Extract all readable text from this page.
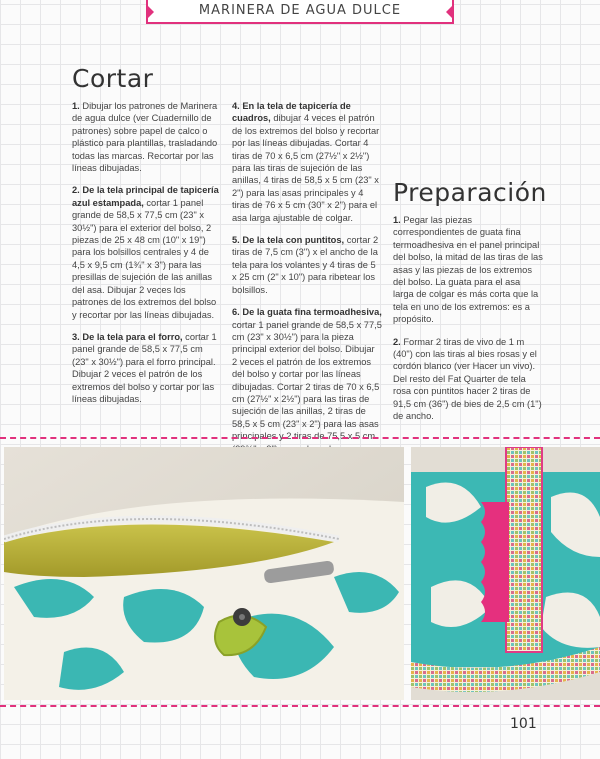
MARINERA DE AGUA DULCE
Cortar
Preparación

1. Dibujar los patrones de Marinera de agua dulce (ver Cuadernillo de patrones) sobre papel de calco o plástico para plantillas, trasladando todas las marcas. Recortar por las líneas dibujadas.

2. De la tela principal de tapicería azul estampada, cortar 1 panel grande de 58,5 x 77,5 cm (23" x 30½") para el exterior del bolso, 2 piezas de 25 x 48 cm (10" x 19") para los bolsillos centrales y 4 de 4,5 x 9,5 cm (1¾" x 3") para las presillas de sujeción de las anillas del asa. Dibujar 2 veces los patrones de los extremos del bolso y recortar por las líneas dibujadas.

3. De la tela para el forro, cortar 1 panel grande de 58,5 x 77,5 cm (23" x 30½") para el forro principal. Dibujar 2 veces el patrón de los extremos del bolso y cortar por las líneas dibujadas.

4. En la tela de tapicería de cuadros, dibujar 4 veces el patrón de los extremos del bolso y recortar por las líneas dibujadas. Cortar 4 tiras de 70 x 6,5 cm (27½" x 2½") para las tiras de sujeción de las anillas, 4 tiras de 58,5 x 5 cm (23" x 2") para las asas principales y 4 tiras de 76 x 5 cm (30" x 2") para el asa larga ajustable de colgar.

5. De la tela con puntitos, cortar 2 tiras de 7,5 cm (3") x el ancho de la tela para los volantes y 4 tiras de 5 x 25 cm (2" x 10") para ribetear los bolsillos.

6. De la guata fina termoadhesiva, cortar 1 panel grande de 58,5 x 77,5 cm (23" x 30½") para la pieza principal exterior del bolso. Dibujar 2 veces el patrón de los extremos del bolso y cortar por las líneas dibujadas. Cortar 2 tiras de 70 x 6,5 cm (27½" x 2½") para las tiras de sujeción de las anillas, 2 tiras de 58,5 x 5 cm (23" x 2") para las asas principales y 2 tiras de 75,5 x 5 cm

1. Pegar las piezas correspondientes de guata fina termoadhesiva en el panel principal del bolso, la mitad de las tiras de las asas y las piezas de los extremos del bolso. La guata para el asa larga de colgar es más corta que la tela en uno de los extremos: es a propósito.

2. Formar 2 tiras de vivo de 1 m (40") con las tiras al bies rosas y el cordón blanco (ver Hacer un vivo). Del resto del Fat Quarter de tela rosa con puntitos hacer 2 tiras de 91,5 cm (36") de bies de 2,5 cm (1") de ancho.

101
